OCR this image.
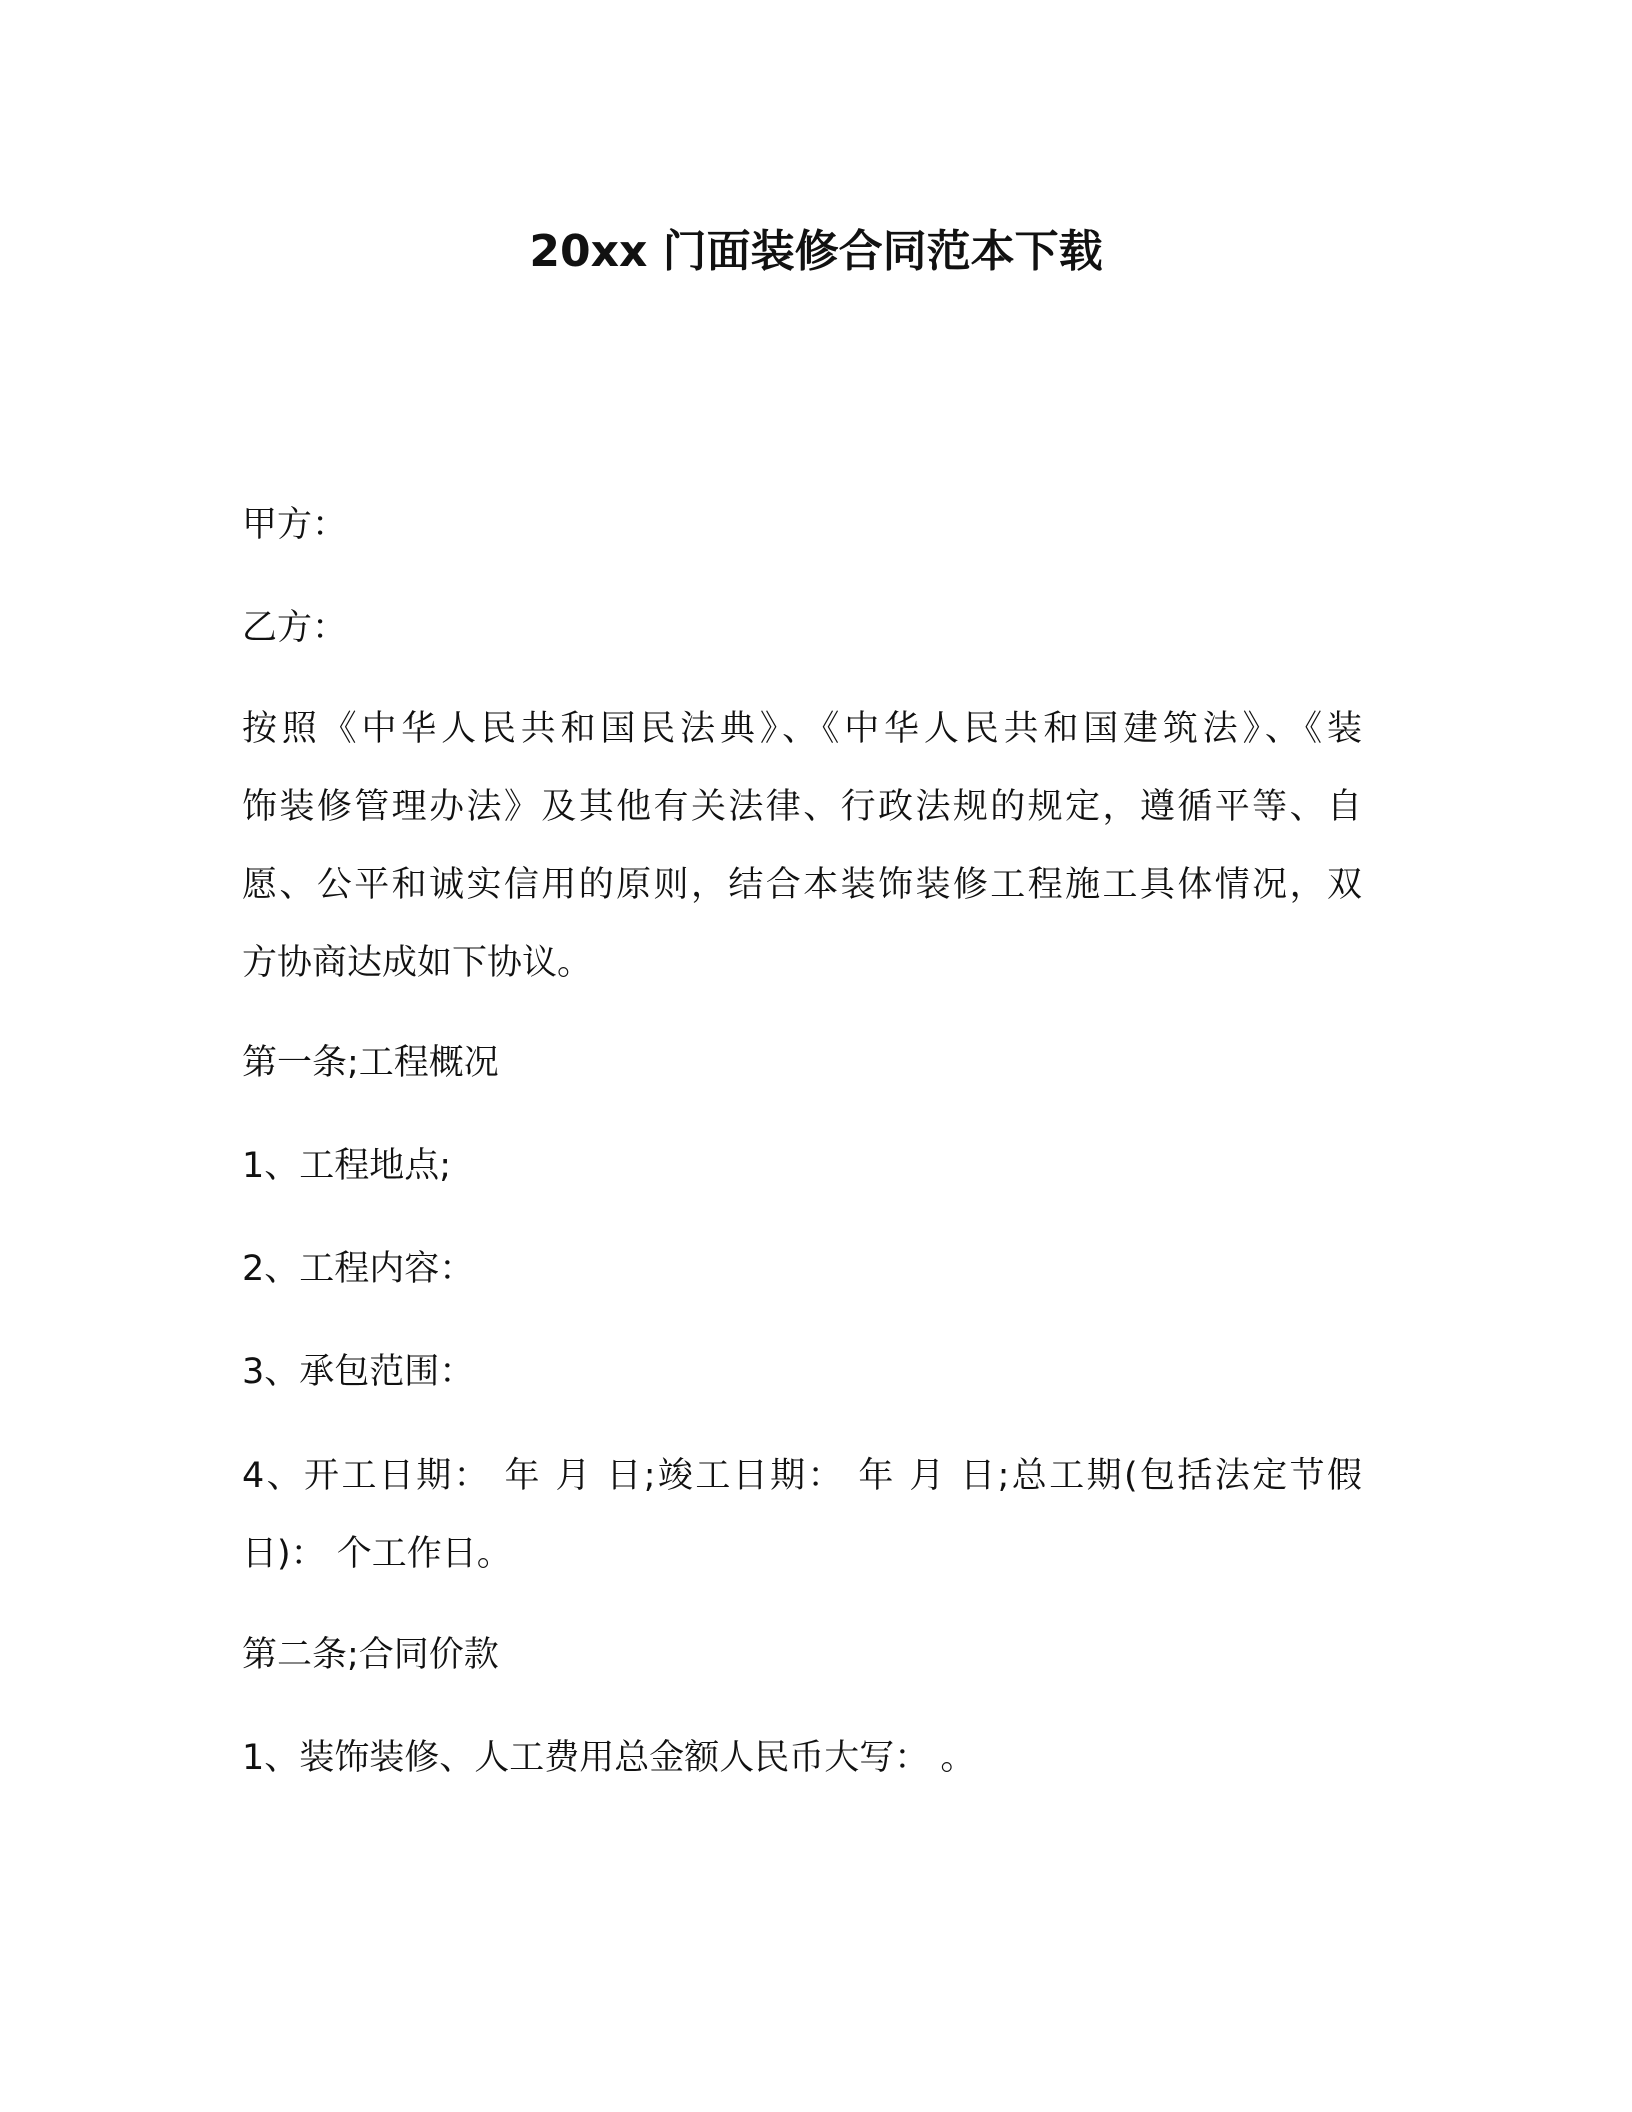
20xx 门面装修合同范本下载
甲方：
乙方：
按照《中华人民共和国民法典》、《中华人民共和国建筑法》、《装
饰装修管理办法》及其他有关法律、行政法规的规定，遵循平等、自
愿、公平和诚实信用的原则，结合本装饰装修工程施工具体情况，双
方协商达成如下协议。
第一条;工程概况
1、工程地点;
2、工程内容：
3、承包范围：
4、开工日期： 年 月 日;竣工日期： 年 月 日;总工期(包括法定节假
日)： 个工作日。
第二条;合同价款
1、装饰装修、人工费用总金额人民币大写： 。
